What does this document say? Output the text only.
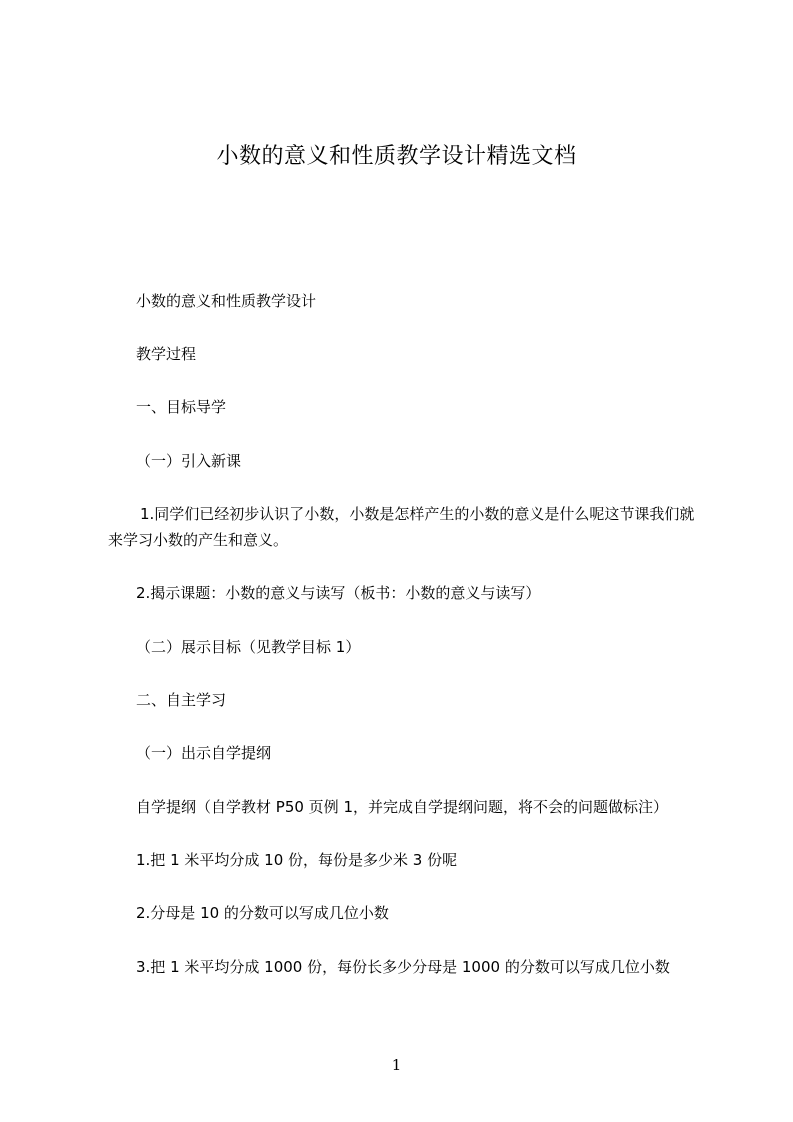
小数的意义和性质教学设计精选文档
小数的意义和性质教学设计
教学过程
一、目标导学
（一）引入新课
1.同学们已经初步认识了小数，小数是怎样产生的小数的意义是什么呢这节课我们就来学习小数的产生和意义。
2.揭示课题：小数的意义与读写（板书：小数的意义与读写）
（二）展示目标（见教学目标 1）
二、自主学习
（一）出示自学提纲
自学提纲（自学教材 P50 页例 1，并完成自学提纲问题，将不会的问题做标注）
1.把 1 米平均分成 10 份，每份是多少米 3 份呢
2.分母是 10 的分数可以写成几位小数
3.把 1 米平均分成 1000 份，每份长多少分母是 1000 的分数可以写成几位小数
1
